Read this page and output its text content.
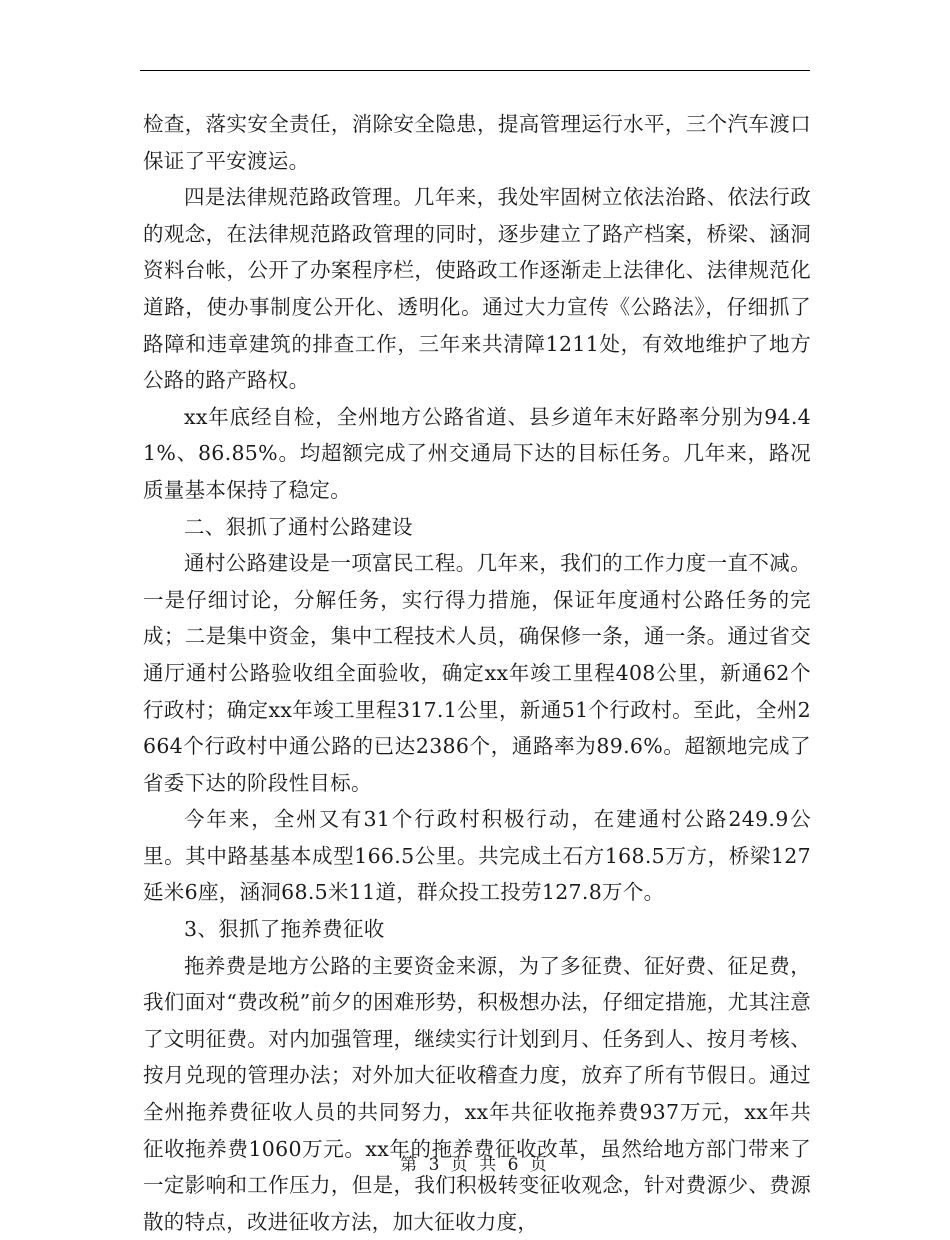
检查，落实安全责任，消除安全隐患，提高管理运行水平，三个汽车渡口保证了平安渡运。

四是法律规范路政管理。几年来，我处牢固树立依法治路、依法行政的观念，在法律规范路政管理的同时，逐步建立了路产档案，桥梁、涵洞资料台帐，公开了办案程序栏，使路政工作逐渐走上法律化、法律规范化道路，使办事制度公开化、透明化。通过大力宣传《公路法》，仔细抓了路障和违章建筑的排查工作，三年来共清障1211处，有效地维护了地方公路的路产路权。

xx年底经自检，全州地方公路省道、县乡道年末好路率分别为94.41%、86.85%。均超额完成了州交通局下达的目标任务。几年来，路况质量基本保持了稳定。

二、狠抓了通村公路建设

通村公路建设是一项富民工程。几年来，我们的工作力度一直不减。一是仔细讨论，分解任务，实行得力措施，保证年度通村公路任务的完成；二是集中资金，集中工程技术人员，确保修一条，通一条。通过省交通厅通村公路验收组全面验收，确定xx年竣工里程408公里，新通62个行政村；确定xx年竣工里程317.1公里，新通51个行政村。至此，全州2664个行政村中通公路的已达2386个，通路率为89.6%。超额地完成了省委下达的阶段性目标。

今年来，全州又有31个行政村积极行动，在建通村公路249.9公里。其中路基基本成型166.5公里。共完成土石方168.5万方，桥梁127延米6座，涵洞68.5米11道，群众投工投劳127.8万个。

3、狠抓了拖养费征收

拖养费是地方公路的主要资金来源，为了多征费、征好费、征足费，我们面对“费改税”前夕的困难形势，积极想办法，仔细定措施，尤其注意了文明征费。对内加强管理，继续实行计划到月、任务到人、按月考核、按月兑现的管理办法；对外加大征收稽查力度，放弃了所有节假日。通过全州拖养费征收人员的共同努力，xx年共征收拖养费937万元，xx年共征收拖养费1060万元。xx年的拖养费征收改革，虽然给地方部门带来了一定影响和工作压力，但是，我们积极转变征收观念，针对费源少、费源散的特点，改进征收方法，加大征收力度，

第 3 页 共 6 页
